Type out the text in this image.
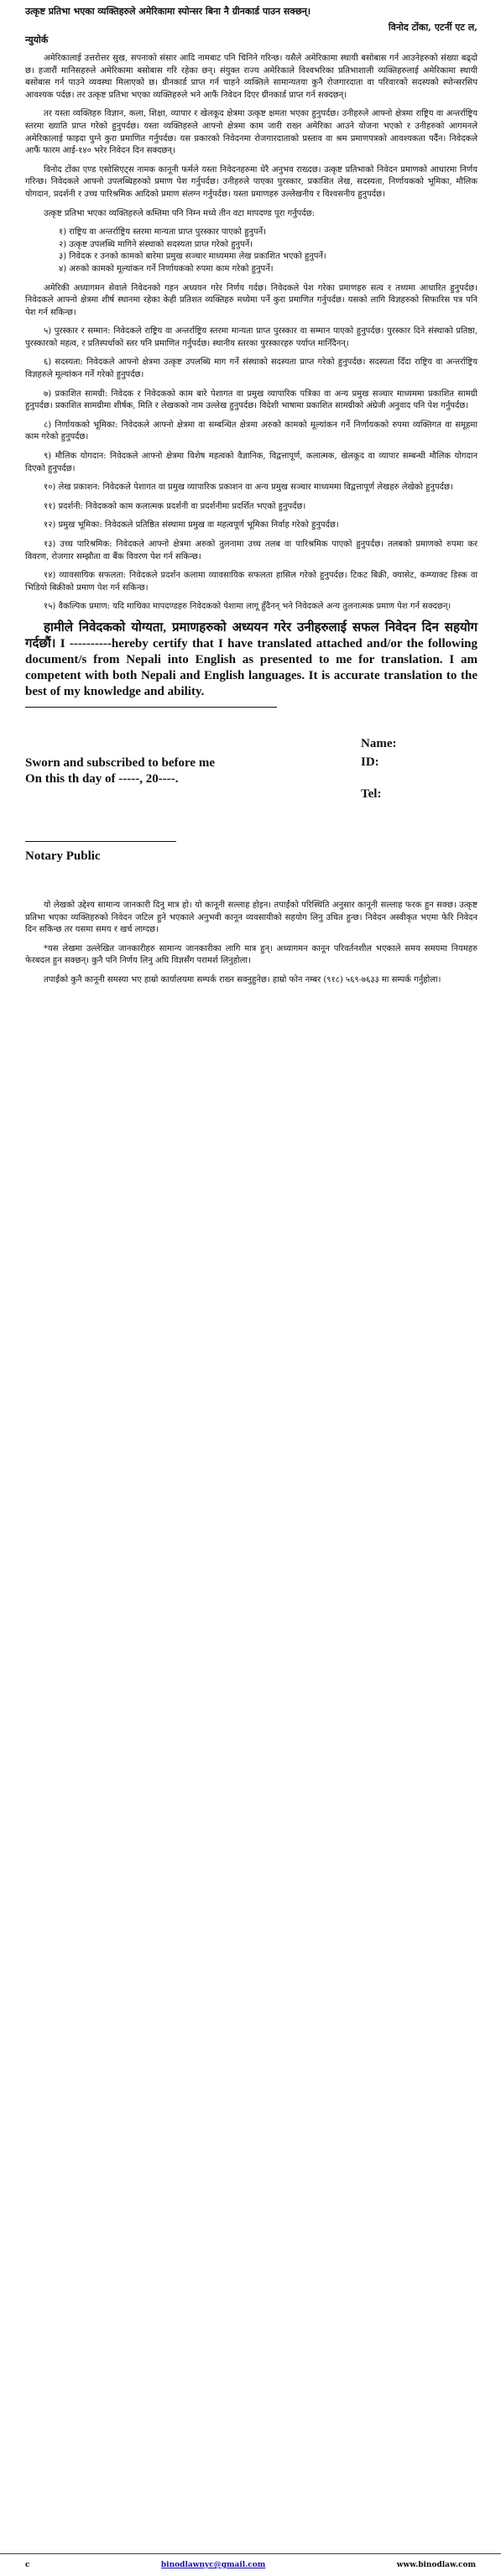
उत्कृष्ट प्रतिभा भएका व्यक्तिहरुले अमेरिकामा स्पोन्सर बिना नै ग्रीनकार्ड पाउन सक्छन्।
विनोद टोंका, एटर्नी एट ल,
न्युयोर्क

अमेरिकालाई उत्तरोत्तर सुख, सपनाको संसार आदि नामबाट पनि चिनिने गरिन्छ। यसैले अमेरिकामा स्थायी बसोबास गर्न आउनेहरुको संख्या बढ्दो छ। हजारौं मानिसहरुले अमेरिकामा बसोबास गरि रहेका छन्। संयुक्त राज्य अमेरिकाले विश्वभरिका प्रतिभाशाली व्यक्तिहरुलाई अमेरिकामा स्थायी बसोबास गर्न पाउने व्यवस्था मिलाएको छ। ग्रीनकार्ड प्राप्त गर्न चाहने व्यक्तिले सामान्यतया कुनै रोजगारदाता वा परिवारको सदस्यको स्पोन्सरसिप आवश्यक पर्दछ। तर उत्कृष्ट प्रतिभा भएका व्यक्तिहरुले भने आफैं निवेदन दिएर ग्रीनकार्ड प्राप्त गर्न सक्दछन्।

तर यस्ता व्यक्तिहरु विज्ञान, कला, शिक्षा, व्यापार र खेलकूद क्षेत्रमा उत्कृष्ट क्षमता भएका हुनुपर्दछ। उनीहरुले आफ्नो क्षेत्रमा राष्ट्रिय वा अन्तर्राष्ट्रिय स्तरमा ख्याति प्राप्त गरेको हुनुपर्दछ। यस्ता व्यक्तिहरुले आफ्नो क्षेत्रमा काम जारी राख्न अमेरिका आउने योजना भएको र उनीहरुको आगमनले अमेरिकालाई फाइदा पुग्ने कुरा प्रमाणित गर्नुपर्दछ। यस प्रकारको निवेदनमा रोजगारदाताको प्रस्ताव वा श्रम प्रमाणपत्रको आवश्यकता पर्दैन। निवेदकले आफैं फारम आई-१४० भरेर निवेदन दिन सक्दछन्।

विनोद टोंका एण्ड एसोसिएट्स नामक कानूनी फर्मले यस्ता निवेदनहरुमा धेरै अनुभव राख्दछ। उत्कृष्ट प्रतिभाको निवेदन प्रमाणको आधारमा निर्णय गरिन्छ। निवेदकले आफ्नो उपलब्धिहरुको प्रमाण पेश गर्नुपर्दछ। उनीहरुले पाएका पुरस्कार, प्रकाशित लेख, सदस्यता, निर्णायकको भूमिका, मौलिक योगदान, प्रदर्शनी र उच्च पारिश्रमिक आदिको प्रमाण संलग्न गर्नुपर्दछ। यस्ता प्रमाणहरु उल्लेखनीय र विश्वसनीय हुनुपर्दछ।

उत्कृष्ट प्रतिभा भएका व्यक्तिहरुले कम्तिमा पनि निम्न मध्ये तीन वटा मापदण्ड पूरा गर्नुपर्दछ:

१) राष्ट्रिय वा अन्तर्राष्ट्रिय स्तरमा मान्यता प्राप्त पुरस्कार पाएको हुनुपर्ने।

२) उत्कृष्ट उपलब्धि मागिने संस्थाको सदस्यता प्राप्त गरेको हुनुपर्ने।

३) निवेदक र उनको कामको बारेमा प्रमुख सञ्चार माध्यममा लेख प्रकाशित भएको हुनुपर्ने।

४) अरुको कामको मूल्यांकन गर्ने निर्णायकको रुपमा काम गरेको हुनुपर्ने।

अमेरिकी अध्यागमन सेवाले निवेदनको गहन अध्ययन गरेर निर्णय गर्दछ। निवेदकले पेश गरेका प्रमाणहरु सत्य र तथ्यमा आधारित हुनुपर्दछ। निवेदकले आफ्नो क्षेत्रमा शीर्ष स्थानमा रहेका केही प्रतिशत व्यक्तिहरु मध्येमा पर्ने कुरा प्रमाणित गर्नुपर्दछ। यसको लागि विज्ञहरुको सिफारिस पत्र पनि पेश गर्न सकिन्छ।

५) पुरस्कार र सम्मान: निवेदकले राष्ट्रिय वा अन्तर्राष्ट्रिय स्तरमा मान्यता प्राप्त पुरस्कार वा सम्मान पाएको हुनुपर्दछ। पुरस्कार दिने संस्थाको प्रतिष्ठा, पुरस्कारको महत्व, र प्रतिस्पर्धाको स्तर पनि प्रमाणित गर्नुपर्दछ। स्थानीय स्तरका पुरस्कारहरु पर्याप्त मानिँदैनन्।

६) सदस्यता: निवेदकले आफ्नो क्षेत्रमा उत्कृष्ट उपलब्धि माग गर्ने संस्थाको सदस्यता प्राप्त गरेको हुनुपर्दछ। सदस्यता दिँदा राष्ट्रिय वा अन्तर्राष्ट्रिय विज्ञहरुले मूल्यांकन गर्ने गरेको हुनुपर्दछ।

७) प्रकाशित सामग्री: निवेदक र निवेदकको काम बारे पेशागत वा प्रमुख व्यापारिक पत्रिका वा अन्य प्रमुख सञ्चार माध्यममा प्रकाशित सामग्री हुनुपर्दछ। प्रकाशित सामग्रीमा शीर्षक, मिति र लेखकको नाम उल्लेख हुनुपर्दछ। विदेशी भाषामा प्रकाशित सामग्रीको अंग्रेजी अनुवाद पनि पेश गर्नुपर्दछ।

८) निर्णायकको भूमिका: निवेदकले आफ्नो क्षेत्रमा वा सम्बन्धित क्षेत्रमा अरुको कामको मूल्यांकन गर्ने निर्णायकको रुपमा व्यक्तिगत वा समूहमा काम गरेको हुनुपर्दछ।

९) मौलिक योगदान: निवेदकले आफ्नो क्षेत्रमा विशेष महत्वको वैज्ञानिक, विद्वत्तापूर्ण, कलात्मक, खेलकूद वा व्यापार सम्बन्धी मौलिक योगदान दिएको हुनुपर्दछ।

१०) लेख प्रकाशन: निवेदकले पेशागत वा प्रमुख व्यापारिक प्रकाशन वा अन्य प्रमुख सञ्चार माध्यममा विद्वत्तापूर्ण लेखहरु लेखेको हुनुपर्दछ।

११) प्रदर्शनी: निवेदकको काम कलात्मक प्रदर्शनी वा प्रदर्शनीमा प्रदर्शित भएको हुनुपर्दछ।

१२) प्रमुख भूमिका: निवेदकले प्रतिष्ठित संस्थामा प्रमुख वा महत्वपूर्ण भूमिका निर्वाह गरेको हुनुपर्दछ।

१३) उच्च पारिश्रमिक: निवेदकले आफ्नो क्षेत्रमा अरुको तुलनामा उच्च तलब वा पारिश्रमिक पाएको हुनुपर्दछ। तलबको प्रमाणको रुपमा कर विवरण, रोजगार सम्झौता वा बैंक विवरण पेश गर्न सकिन्छ।

१४) व्यावसायिक सफलता: निवेदकले प्रदर्शन कलामा व्यावसायिक सफलता हासिल गरेको हुनुपर्दछ। टिकट बिक्री, क्यासेट, कम्प्याक्ट डिस्क वा भिडियो बिक्रीको प्रमाण पेश गर्न सकिन्छ।

१५) वैकल्पिक प्रमाण: यदि माथिका मापदण्डहरु निवेदकको पेशामा लागू हुँदैनन् भने निवेदकले अन्य तुलनात्मक प्रमाण पेश गर्न सक्दछन्।

हामीले निवेदकको योग्यता, प्रमाणहरुको अध्ययन गरेर उनीहरुलाई सफल निवेदन दिन सहयोग गर्दछौं। I ----------hereby certify that I have translated attached and/or the following document/s from Nepali into English as presented to me for translation. I am competent with both Nepali and English languages. It is accurate translation to the best of my knowledge and ability.

Name:
Sworn and subscribed to before me
On this th day of -----, 20----.
ID:
Tel:
Notary Public

यो लेखको उद्देश्य सामान्य जानकारी दिनु मात्र हो। यो कानूनी सल्लाह होइन। तपाईंको परिस्थिति अनुसार कानूनी सल्लाह फरक हुन सक्छ। उत्कृष्ट प्रतिभा भएका व्यक्तिहरुको निवेदन जटिल हुने भएकाले अनुभवी कानून व्यवसायीको सहयोग लिनु उचित हुन्छ। निवेदन अस्वीकृत भएमा फेरि निवेदन दिन सकिन्छ तर यसमा समय र खर्च लाग्दछ।

*यस लेखमा उल्लेखित जानकारीहरु सामान्य जानकारीका लागि मात्र हुन्। अध्यागमन कानून परिवर्तनशील भएकाले समय समयमा नियमहरु फेरबदल हुन सक्छन्। कुनै पनि निर्णय लिनु अघि विज्ञसँग परामर्श लिनुहोला।

तपाईंको कुनै कानूनी समस्या भए हाम्रो कार्यालयमा सम्पर्क राख्न सक्नुहुनेछ। हाम्रो फोन नम्बर (९१८) ५६९-७६३३ मा सम्पर्क गर्नुहोला।

c	binodlawnyc@gmail.com	www.binodlaw.com
